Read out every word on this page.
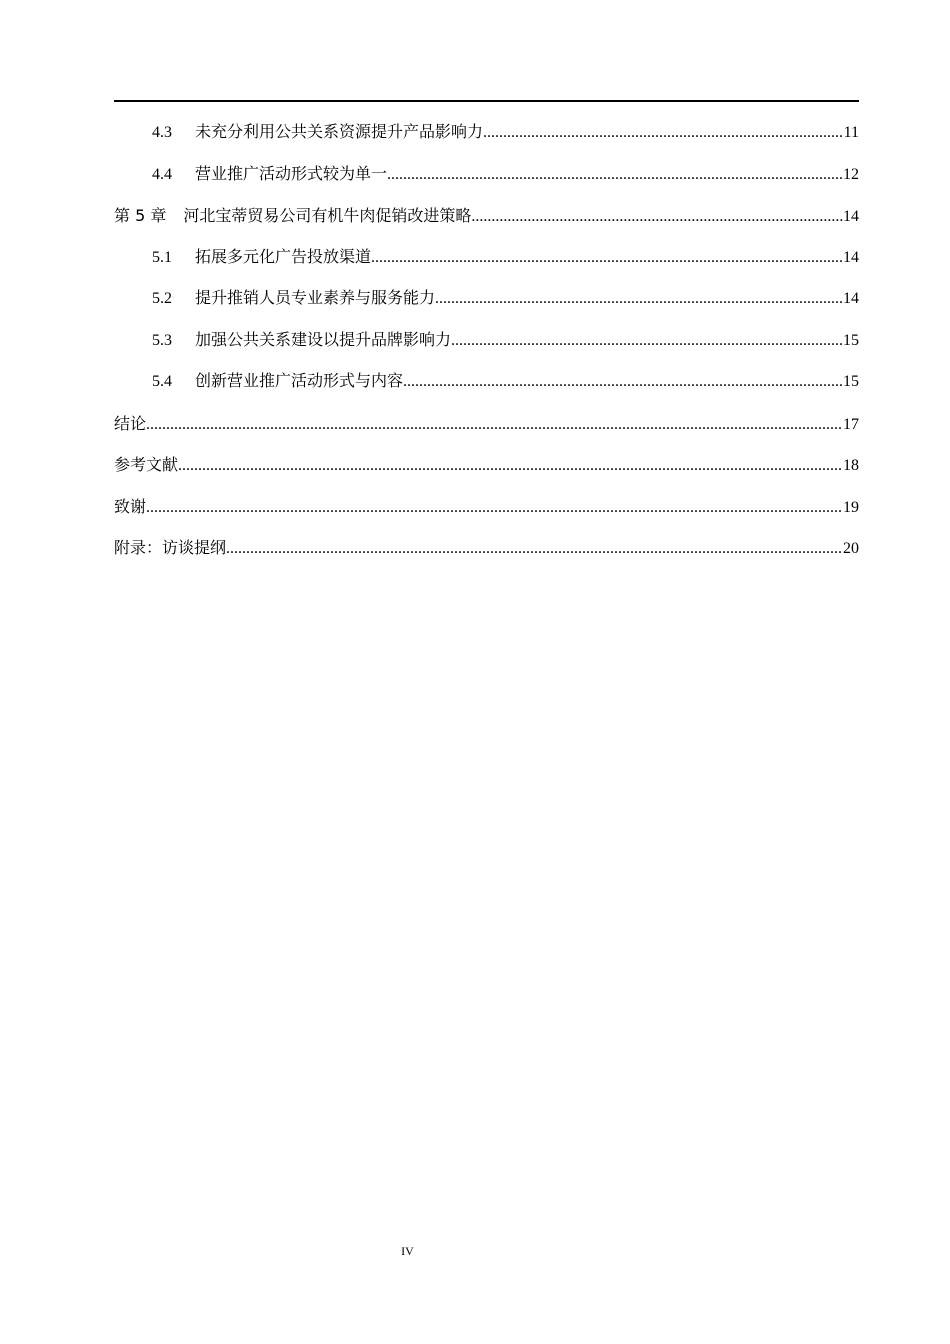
4.3 未充分利用公共关系资源提升产品影响力 .....	11
4.4 营业推广活动形式较为单一 .....	12
第 5 章 河北宝蒂贸易公司有机牛肉促销改进策略 .....	14
5.1 拓展多元化广告投放渠道 .....	14
5.2 提升推销人员专业素养与服务能力 .....	14
5.3 加强公共关系建设以提升品牌影响力 .....	15
5.4 创新营业推广活动形式与内容 .....	15
结论 .....	17
参考文献 .....	18
致谢 .....	19
附录：访谈提纲 .....	20
IV
